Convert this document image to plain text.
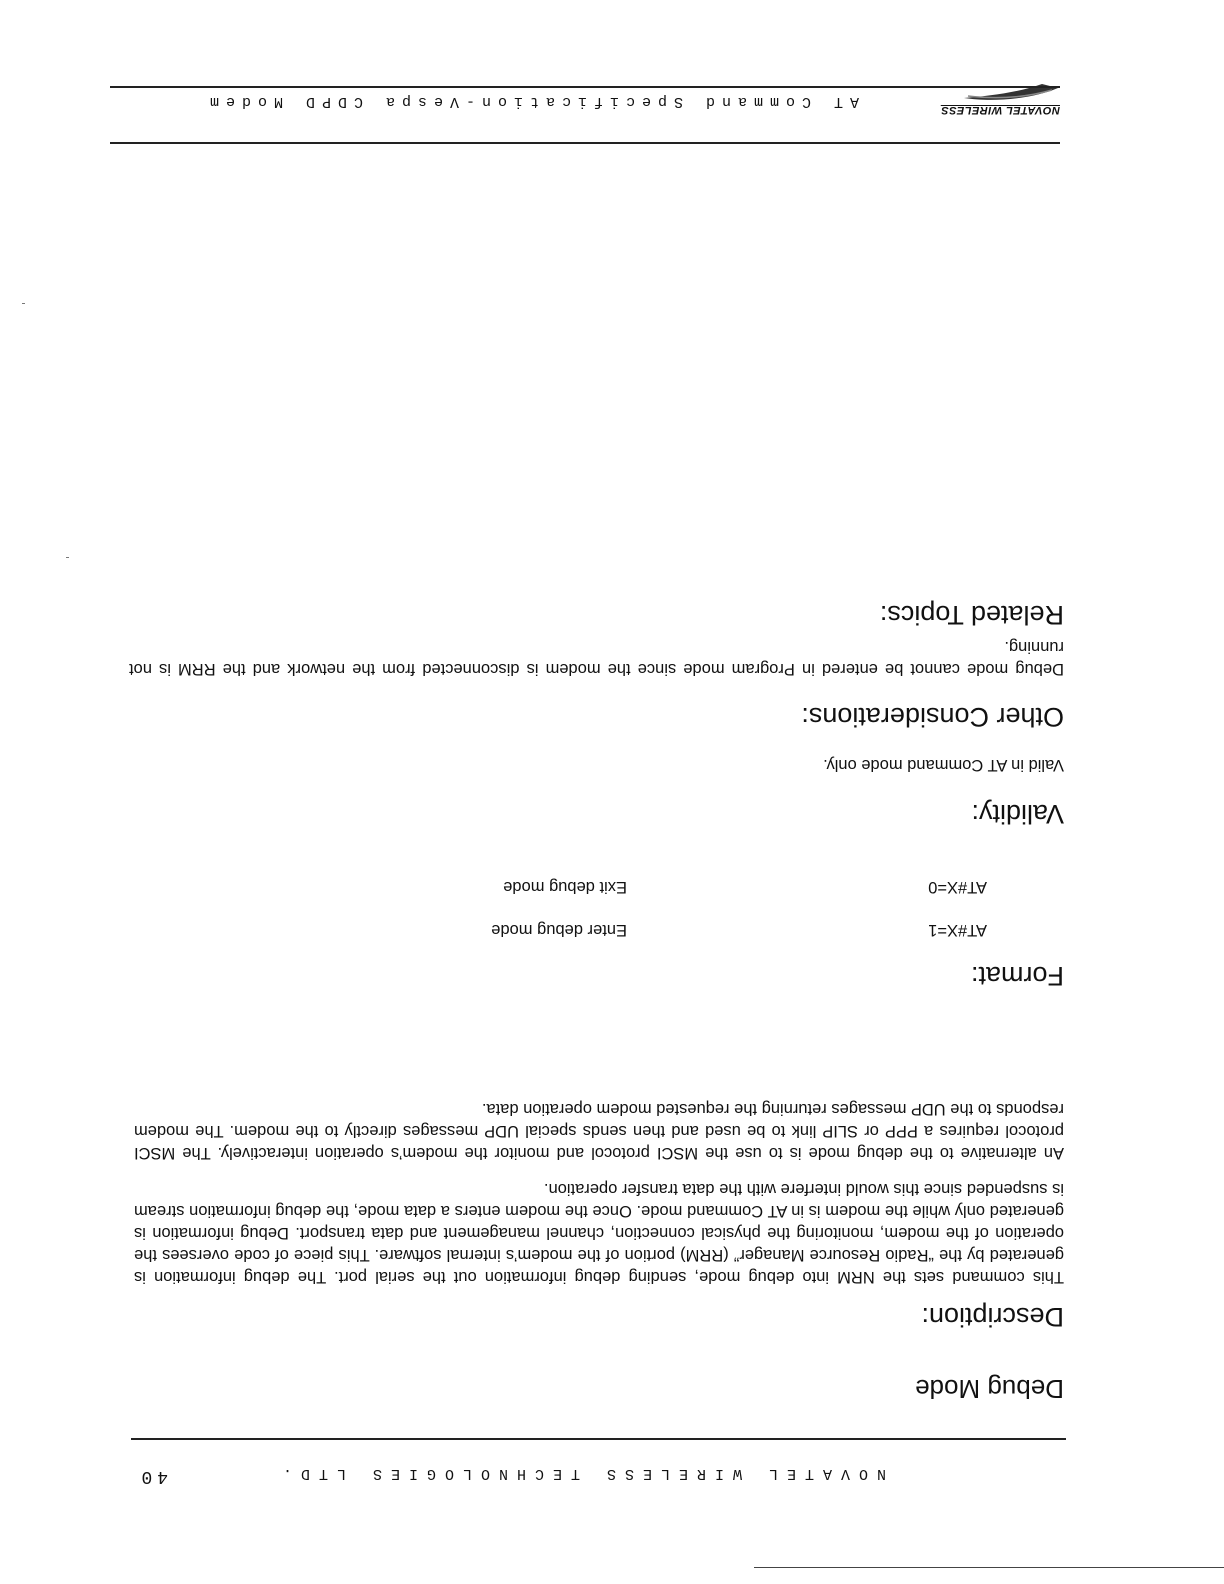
NOVATEL WIRELESS
AT Command Specification-Vespa CDPD Modem
Debug Mode
Description:

This command sets the NRM into debug mode, sending debug information out the serial port. The debug information is generated by the “Radio Resource Manager” (RRM) portion of the modem’s internal software. This piece of code oversees the operation of the modem, monitoring the physical connection, channel management and data transport. Debug information is generated only while the modem is in AT Command mode. Once the modem enters a data mode, the debug information stream is suspended since this would interfere with the data transfer operation.

An alternative to the debug mode is to use the MSCI protocol and monitor the modem’s operation interactively. The MSCI protocol requires a PPP or SLIP link to be used and then sends special UDP messages directly to the modem. The modem responds to the UDP messages returning the requested modem operation data.

Format:
AT#X=1
Enter debug mode
AT#X=0
Exit debug mode
Validity:
Valid in AT Command mode only.
Other Considerations:
Debug mode cannot be entered in Program mode since the modem is disconnected from the network and the RRM is not running.
Related Topics:
NOVATEL WIRELESS TECHNOLOGIES LTD.
40
